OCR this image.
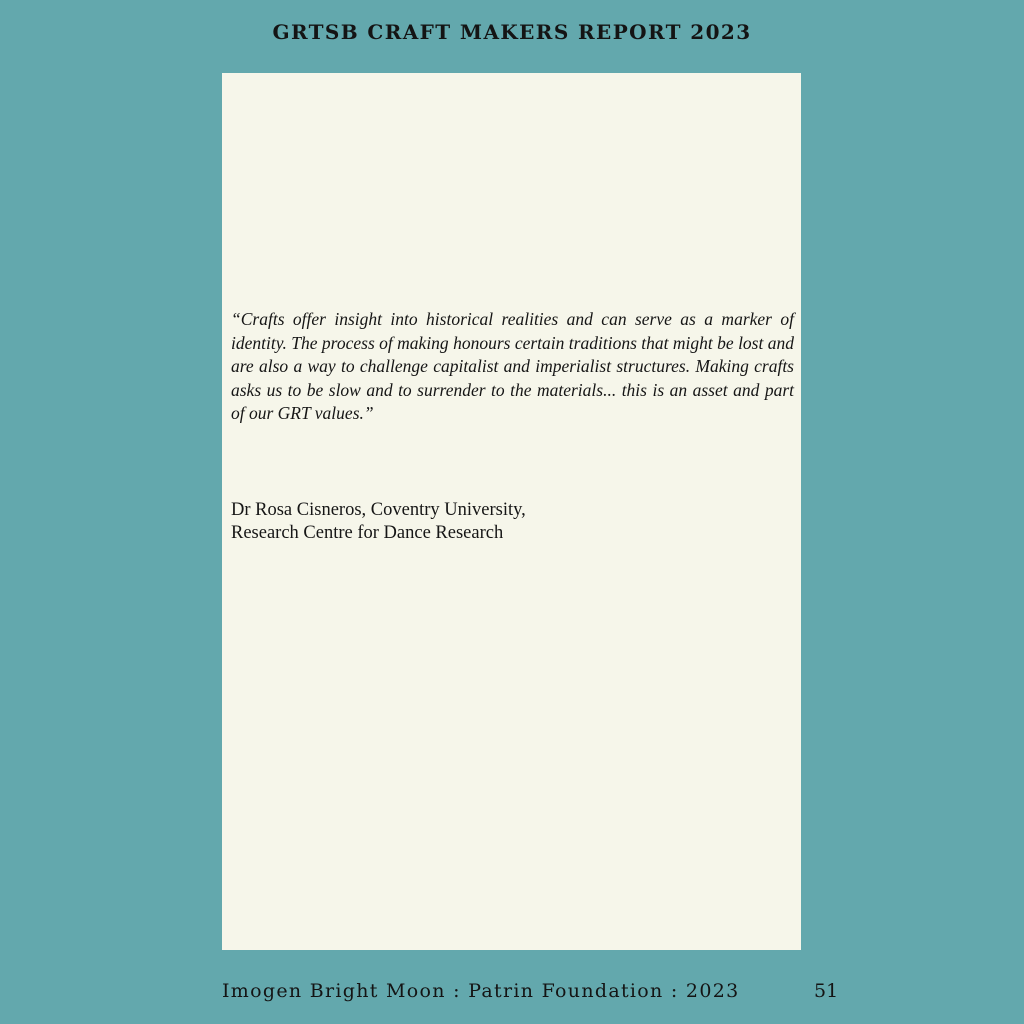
GRTSB CRAFT MAKERS REPORT 2023

“Crafts offer insight into historical realities and can serve as a marker of identity. The process of making honours certain traditions that might be lost and are also a way to challenge capitalist and imperialist structures. Making crafts asks us to be slow and to surrender to the materials... this is an asset and part of our GRT values.”

Dr Rosa Cisneros, Coventry University,
Research Centre for Dance Research
Imogen Bright Moon : Patrin Foundation : 2023	51
